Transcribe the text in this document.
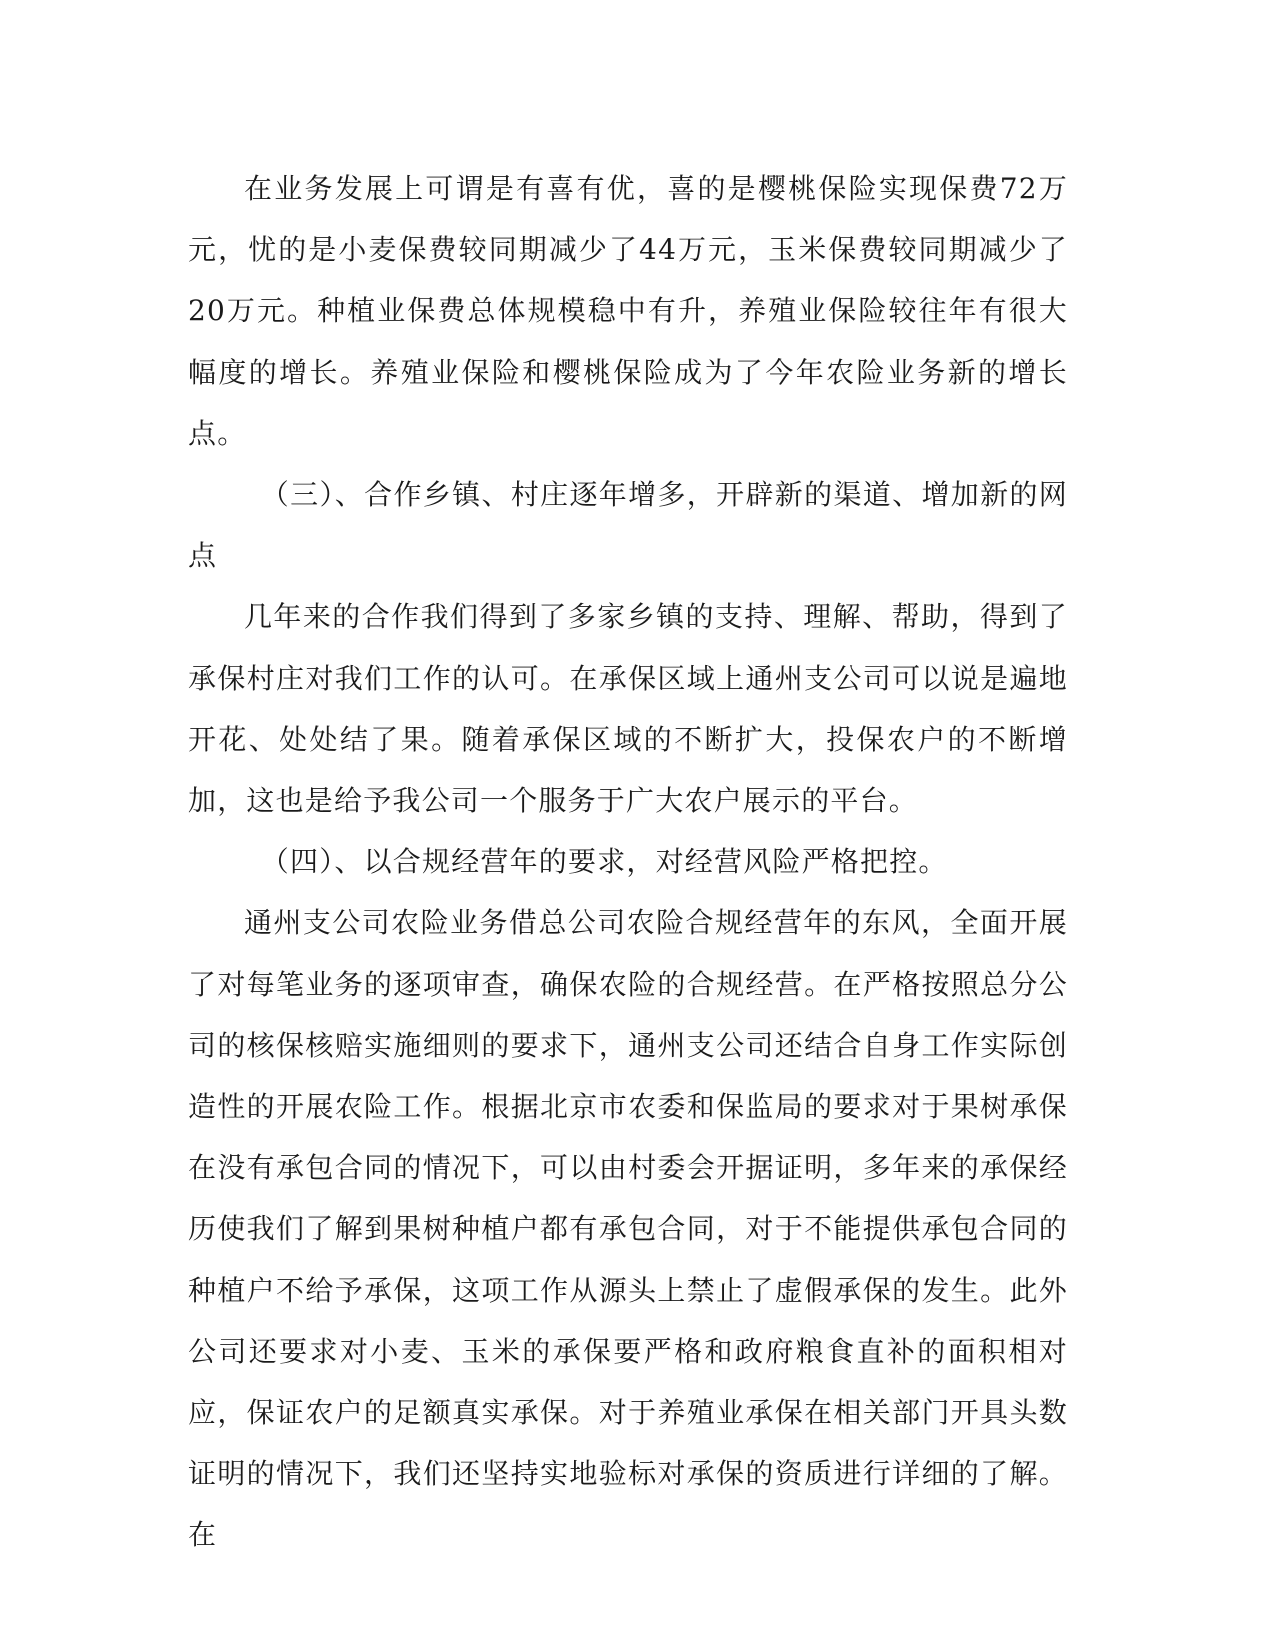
在业务发展上可谓是有喜有优，喜的是樱桃保险实现保费72万元，忧的是小麦保费较同期减少了44万元，玉米保费较同期减少了20万元。种植业保费总体规模稳中有升，养殖业保险较往年有很大幅度的增长。养殖业保险和樱桃保险成为了今年农险业务新的增长点。

（三）、合作乡镇、村庄逐年增多，开辟新的渠道、增加新的网点

几年来的合作我们得到了多家乡镇的支持、理解、帮助，得到了承保村庄对我们工作的认可。在承保区域上通州支公司可以说是遍地开花、处处结了果。随着承保区域的不断扩大，投保农户的不断增加，这也是给予我公司一个服务于广大农户展示的平台。

（四）、以合规经营年的要求，对经营风险严格把控。

通州支公司农险业务借总公司农险合规经营年的东风，全面开展了对每笔业务的逐项审查，确保农险的合规经营。在严格按照总分公司的核保核赔实施细则的要求下，通州支公司还结合自身工作实际创造性的开展农险工作。根据北京市农委和保监局的要求对于果树承保在没有承包合同的情况下，可以由村委会开据证明，多年来的承保经历使我们了解到果树种植户都有承包合同，对于不能提供承包合同的种植户不给予承保，这项工作从源头上禁止了虚假承保的发生。此外公司还要求对小麦、玉米的承保要严格和政府粮食直补的面积相对应，保证农户的足额真实承保。对于养殖业承保在相关部门开具头数证明的情况下，我们还坚持实地验标对承保的资质进行详细的了解。在
